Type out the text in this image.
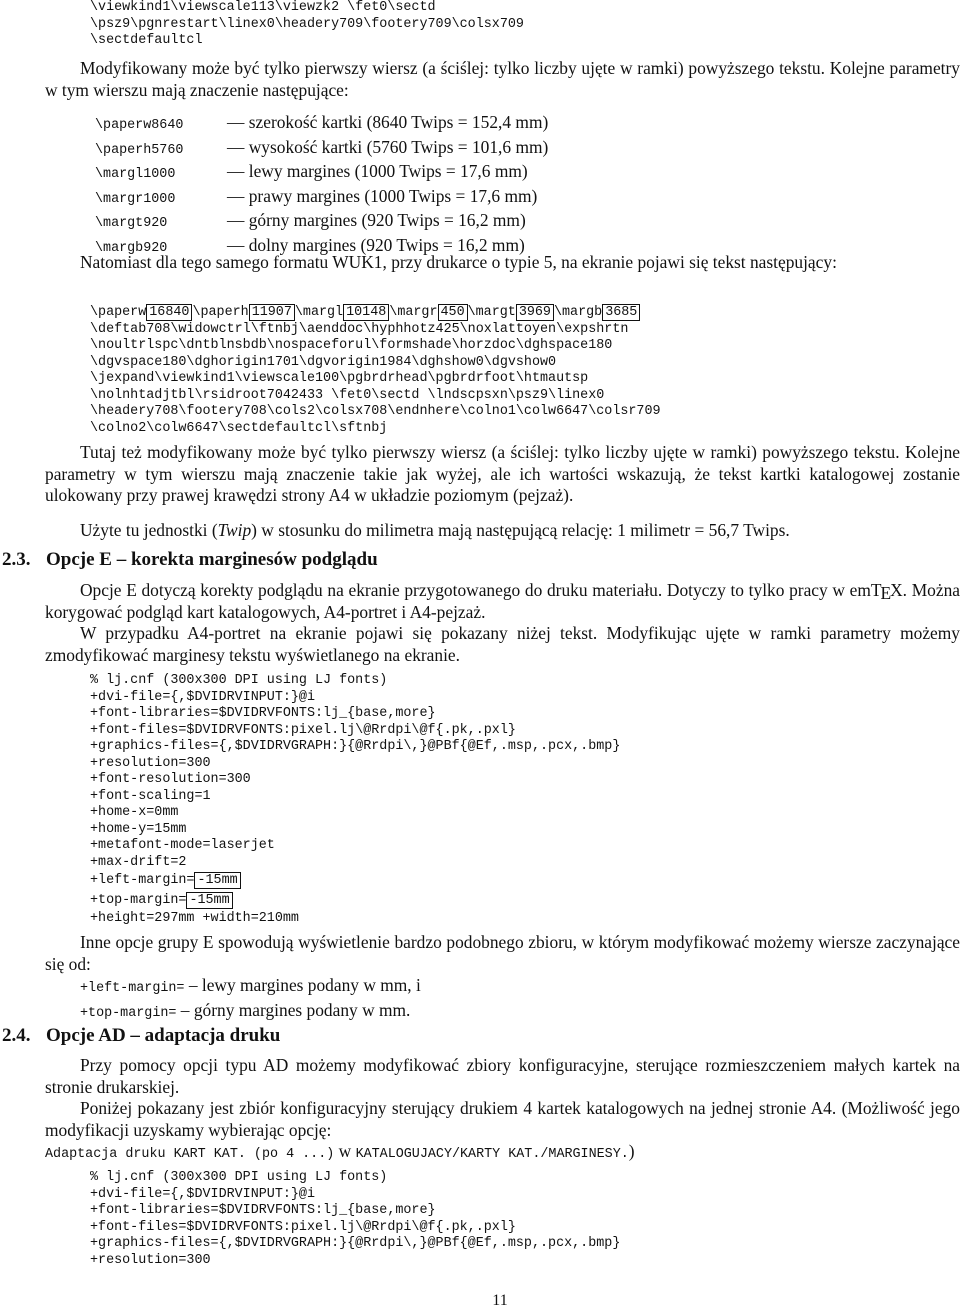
\viewkind1\viewscale113\viewzk2 \fet0\sectd
\psz9\pgnrestart\linex0\headery709\footery709\colsx709
\sectdefaultcl

Modyfikowany może być tylko pierwszy wiersz (a ściślej: tylko liczby ujęte w ramki) powyższego tekstu. Kolejne parametry w tym wierszu mają znaczenie następujące:

\paperw8640	— szerokość kartki (8640 Twips = 152,4 mm)
\paperh5760	— wysokość kartki (5760 Twips = 101,6 mm)
\margl1000	— lewy margines (1000 Twips = 17,6 mm)
\margr1000	— prawy margines (1000 Twips = 17,6 mm)
\margt920	— górny margines (920 Twips = 16,2 mm)
\margb920	— dolny margines (920 Twips = 16,2 mm)

Natomiast dla tego samego formatu WUK1, przy drukarce o typie 5, na ekranie pojawi się tekst następujący:

\paperw 16840 \paperh 11907 \margl 10148 \margr 450 \margt 3969 \margb 3685
\deftab708\widowctrl\ftnbj\aenddoc\hyphhotz425\noxlattoyen\expshrtn
\noultrlspc\dntblnsbdb\nospaceforul\formshade\horzdoc\dghspace180
\dgvspace180\dghorigin1701\dgvorigin1984\dghshow0\dgvshow0
\jexpand\viewkind1\viewscale100\pgbrdrhead\pgbrdrfoot\htmautsp
\nolnhtadjtbl\rsidroot7042433 \fet0\sectd \lndscpsxn\psz9\linex0
\headery708\footery708\cols2\colsx708\endnhere\colno1\colw6647\colsr709
\colno2\colw6647\sectdefaultcl\sftnbj

Tutaj też modyfikowany może być tylko pierwszy wiersz (a ściślej: tylko liczby ujęte w ramki) powyższego tekstu. Kolejne parametry w tym wierszu mają znaczenie takie jak wyżej, ale ich wartości wskazują, że tekst kartki katalogowej zostanie ulokowany przy prawej krawędzi strony A4 w układzie poziomym (pejzaż).

Użyte tu jednostki (Twip) w stosunku do milimetra mają następującą relację: 1 milimetr = 56,7 Twips.

2.3. Opcje E – korekta marginesów podglądu

Opcje E dotyczą korekty podglądu na ekranie przygotowanego do druku materiału. Dotyczy to tylko pracy w emTEX. Można korygować podgląd kart katalogowych, A4-portret i A4-pejzaż.

W przypadku A4-portret na ekranie pojawi się pokazany niżej tekst. Modyfikując ujęte w ramki parametry możemy zmodyfikować marginesy tekstu wyświetlanego na ekranie.

% lj.cnf (300x300 DPI using LJ fonts)
+dvi-file={,$DVIDRVINPUT:}@i
+font-libraries=$DVIDRVFONTS:lj_{base,more}
+font-files=$DVIDRVFONTS:pixel.lj\@Rrdpi\@f{.pk,.pxl}
+graphics-files={,$DVIDRVGRAPH:}{@Rrdpi\,}@PBf{@Ef,.msp,.pcx,.bmp}
+resolution=300
+font-resolution=300
+font-scaling=1
+home-x=0mm
+home-y=15mm
+metafont-mode=laserjet
+max-drift=2
+left-margin= -15mm
+top-margin= -15mm
+height=297mm +width=210mm

Inne opcje grupy E spowodują wyświetlenie bardzo podobnego zbioru, w którym modyfikować możemy wiersze zaczynające się od:

+left-margin= – lewy margines podany w mm, i
+top-margin= – górny margines podany w mm.
2.4. Opcje AD – adaptacja druku

Przy pomocy opcji typu AD możemy modyfikować zbiory konfiguracyjne, sterujące rozmieszczeniem małych kartek na stronie drukarskiej.

Poniżej pokazany jest zbiór konfiguracyjny sterujący drukiem 4 kartek katalogowych na jednej stronie A4. (Możliwość jego modyfikacji uzyskamy wybierając opcję:
Adaptacja druku KART KAT. (po 4 ...) w KATALOGUJACY/KARTY KAT./MARGINESY.)

% lj.cnf (300x300 DPI using LJ fonts)
+dvi-file={,$DVIDRVINPUT:}@i
+font-libraries=$DVIDRVFONTS:lj_{base,more}
+font-files=$DVIDRVFONTS:pixel.lj\@Rrdpi\@f{.pk,.pxl}
+graphics-files={,$DVIDRVGRAPH:}{@Rrdpi\,}@PBf{@Ef,.msp,.pcx,.bmp}
+resolution=300
11
